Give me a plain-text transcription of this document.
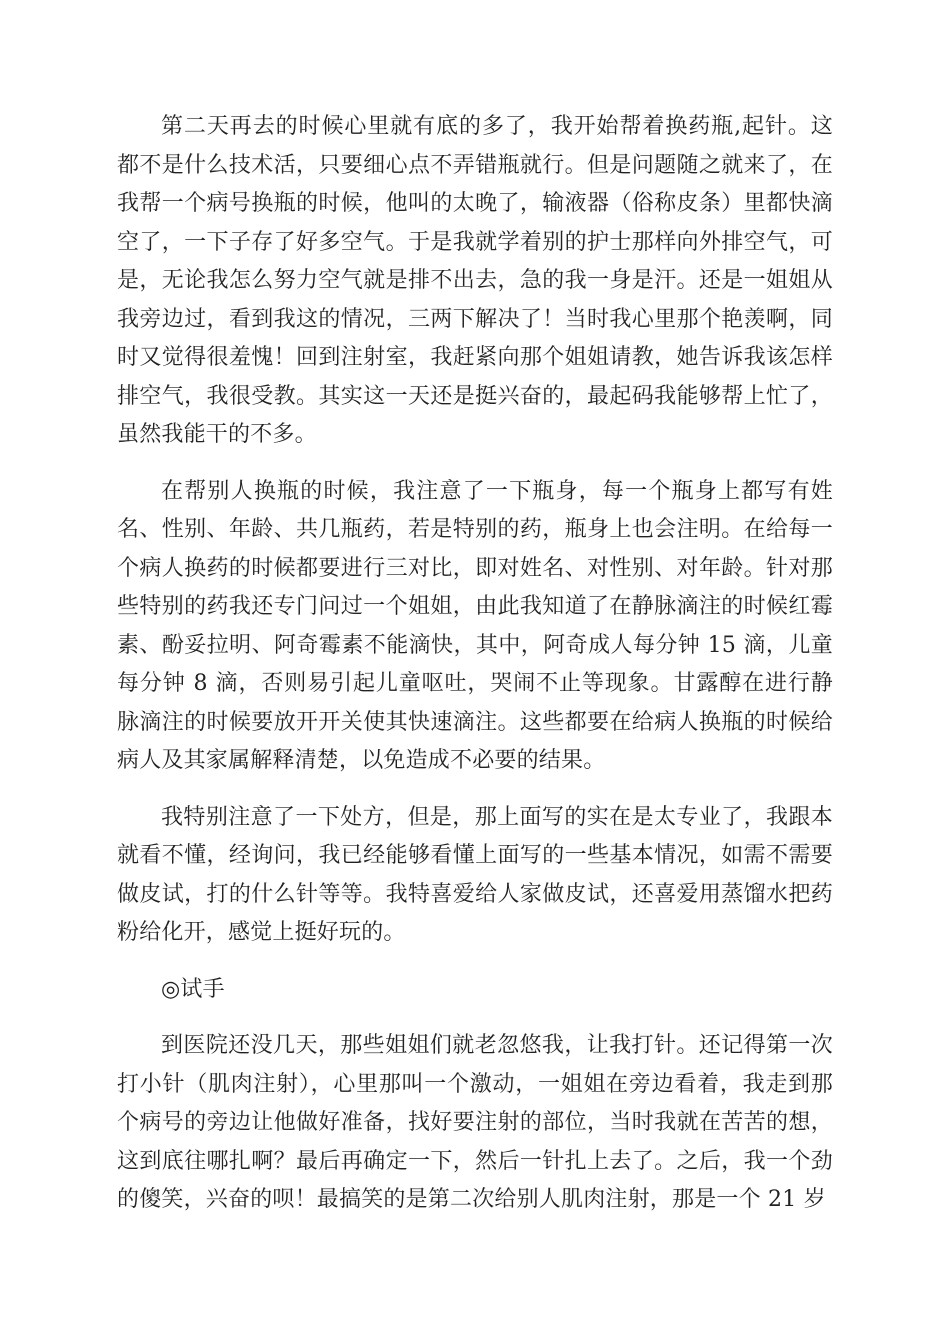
第二天再去的时候心里就有底的多了，我开始帮着换药瓶,起针。这都不是什么技术活，只要细心点不弄错瓶就行。但是问题随之就来了，在我帮一个病号换瓶的时候，他叫的太晚了，输液器（俗称皮条）里都快滴空了，一下子存了好多空气。于是我就学着别的护士那样向外排空气，可是，无论我怎么努力空气就是排不出去，急的我一身是汗。还是一姐姐从我旁边过，看到我这的情况，三两下解决了！当时我心里那个艳羡啊，同时又觉得很羞愧！回到注射室，我赶紧向那个姐姐请教，她告诉我该怎样排空气，我很受教。其实这一天还是挺兴奋的，最起码我能够帮上忙了，虽然我能干的不多。

在帮别人换瓶的时候，我注意了一下瓶身，每一个瓶身上都写有姓名、性别、年龄、共几瓶药，若是特别的药，瓶身上也会注明。在给每一个病人换药的时候都要进行三对比，即对姓名、对性别、对年龄。针对那些特别的药我还专门问过一个姐姐，由此我知道了在静脉滴注的时候红霉素、酚妥拉明、阿奇霉素不能滴快，其中，阿奇成人每分钟 15 滴，儿童每分钟 8 滴，否则易引起儿童呕吐，哭闹不止等现象。甘露醇在进行静脉滴注的时候要放开开关使其快速滴注。这些都要在给病人换瓶的时候给病人及其家属解释清楚，以免造成不必要的结果。

我特别注意了一下处方，但是，那上面写的实在是太专业了，我跟本就看不懂，经询问，我已经能够看懂上面写的一些基本情况，如需不需要做皮试，打的什么针等等。我特喜爱给人家做皮试，还喜爱用蒸馏水把药粉给化开，感觉上挺好玩的。

◎试手

到医院还没几天，那些姐姐们就老忽悠我，让我打针。还记得第一次打小针（肌肉注射），心里那叫一个激动，一姐姐在旁边看着，我走到那个病号的旁边让他做好准备，找好要注射的部位，当时我就在苦苦的想，这到底往哪扎啊？最后再确定一下，然后一针扎上去了。之后，我一个劲的傻笑，兴奋的呗！最搞笑的是第二次给别人肌肉注射，那是一个 21 岁
